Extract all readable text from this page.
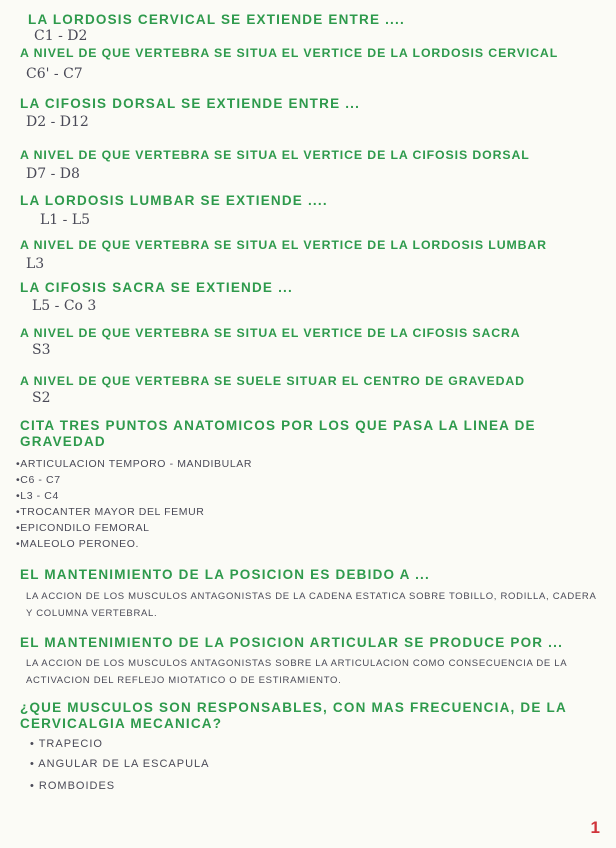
LA LORDOSIS CERVICAL SE EXTIENDE ENTRE ....
C1 - D2
A NIVEL DE QUE VERTEBRA SE SITUA EL VERTICE DE LA LORDOSIS CERVICAL
C6' - C7
LA CIFOSIS DORSAL SE EXTIENDE ENTRE ...
D2 - D12
A NIVEL DE QUE VERTEBRA SE SITUA EL VERTICE DE LA CIFOSIS DORSAL
D7 - D8
LA LORDOSIS LUMBAR SE EXTIENDE ....
L1 - L5
A NIVEL DE QUE VERTEBRA SE SITUA EL VERTICE DE LA LORDOSIS LUMBAR
L3
LA CIFOSIS SACRA SE EXTIENDE ...
L5 - Co 3
A NIVEL DE QUE VERTEBRA SE SITUA EL VERTICE DE LA CIFOSIS SACRA
S3
A NIVEL DE QUE VERTEBRA SE SUELE SITUAR EL CENTRO DE GRAVEDAD
S2
CITA TRES PUNTOS ANATOMICOS POR LOS QUE PASA LA LINEA DE GRAVEDAD
•ARTICULACION TEMPORO - MANDIBULAR
•C6 - C7
•L3 - C4
•TROCANTER MAYOR DEL FEMUR
•EPICONDILO FEMORAL
•MALEOLO PERONEO.
EL MANTENIMIENTO DE LA POSICION ES DEBIDO A ...
LA ACCION DE LOS MUSCULOS ANTAGONISTAS DE LA CADENA ESTATICA SOBRE TOBILLO, RODILLA, CADERA Y COLUMNA VERTEBRAL.
EL MANTENIMIENTO DE LA POSICION ARTICULAR SE PRODUCE POR ...
LA ACCION DE LOS MUSCULOS ANTAGONISTAS SOBRE LA ARTICULACION COMO CONSECUENCIA DE LA ACTIVACION DEL REFLEJO MIOTATICO O DE ESTIRAMIENTO.
¿QUE MUSCULOS SON RESPONSABLES, CON MAS FRECUENCIA, DE LA CERVICALGIA MECANICA?
• TRAPECIO
• ANGULAR DE LA ESCAPULA
• ROMBOIDES
1
